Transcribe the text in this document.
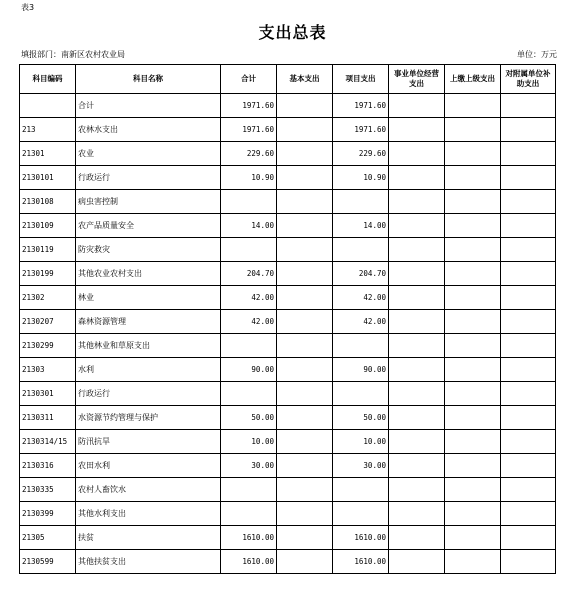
表3
支出总表
填报部门：南新区农村农业局	单位：万元
科目编码	科目名称	合计	基本支出	项目支出	事业单位经营支出	上缴上级支出	对附属单位补助支出
	合计	1971.60		1971.60			
213	农林水支出	1971.60		1971.60			
21301	农业	229.60		229.60			
2130101	行政运行	10.90		10.90			
2130108	病虫害控制						
2130109	农产品质量安全	14.00		14.00			
2130119	防灾救灾						
2130199	其他农业农村支出	204.70		204.70			
21302	林业	42.00		42.00			
2130207	森林资源管理	42.00		42.00			
2130299	其他林业和草原支出						
21303	水利	90.00		90.00			
2130301	行政运行						
2130311	水资源节约管理与保护	50.00		50.00			
2130314/15	防汛抗旱	10.00		10.00			
2130316	农田水利	30.00		30.00			
2130335	农村人畜饮水						
2130399	其他水利支出						
21305	扶贫	1610.00		1610.00			
2130599	其他扶贫支出	1610.00		1610.00			
